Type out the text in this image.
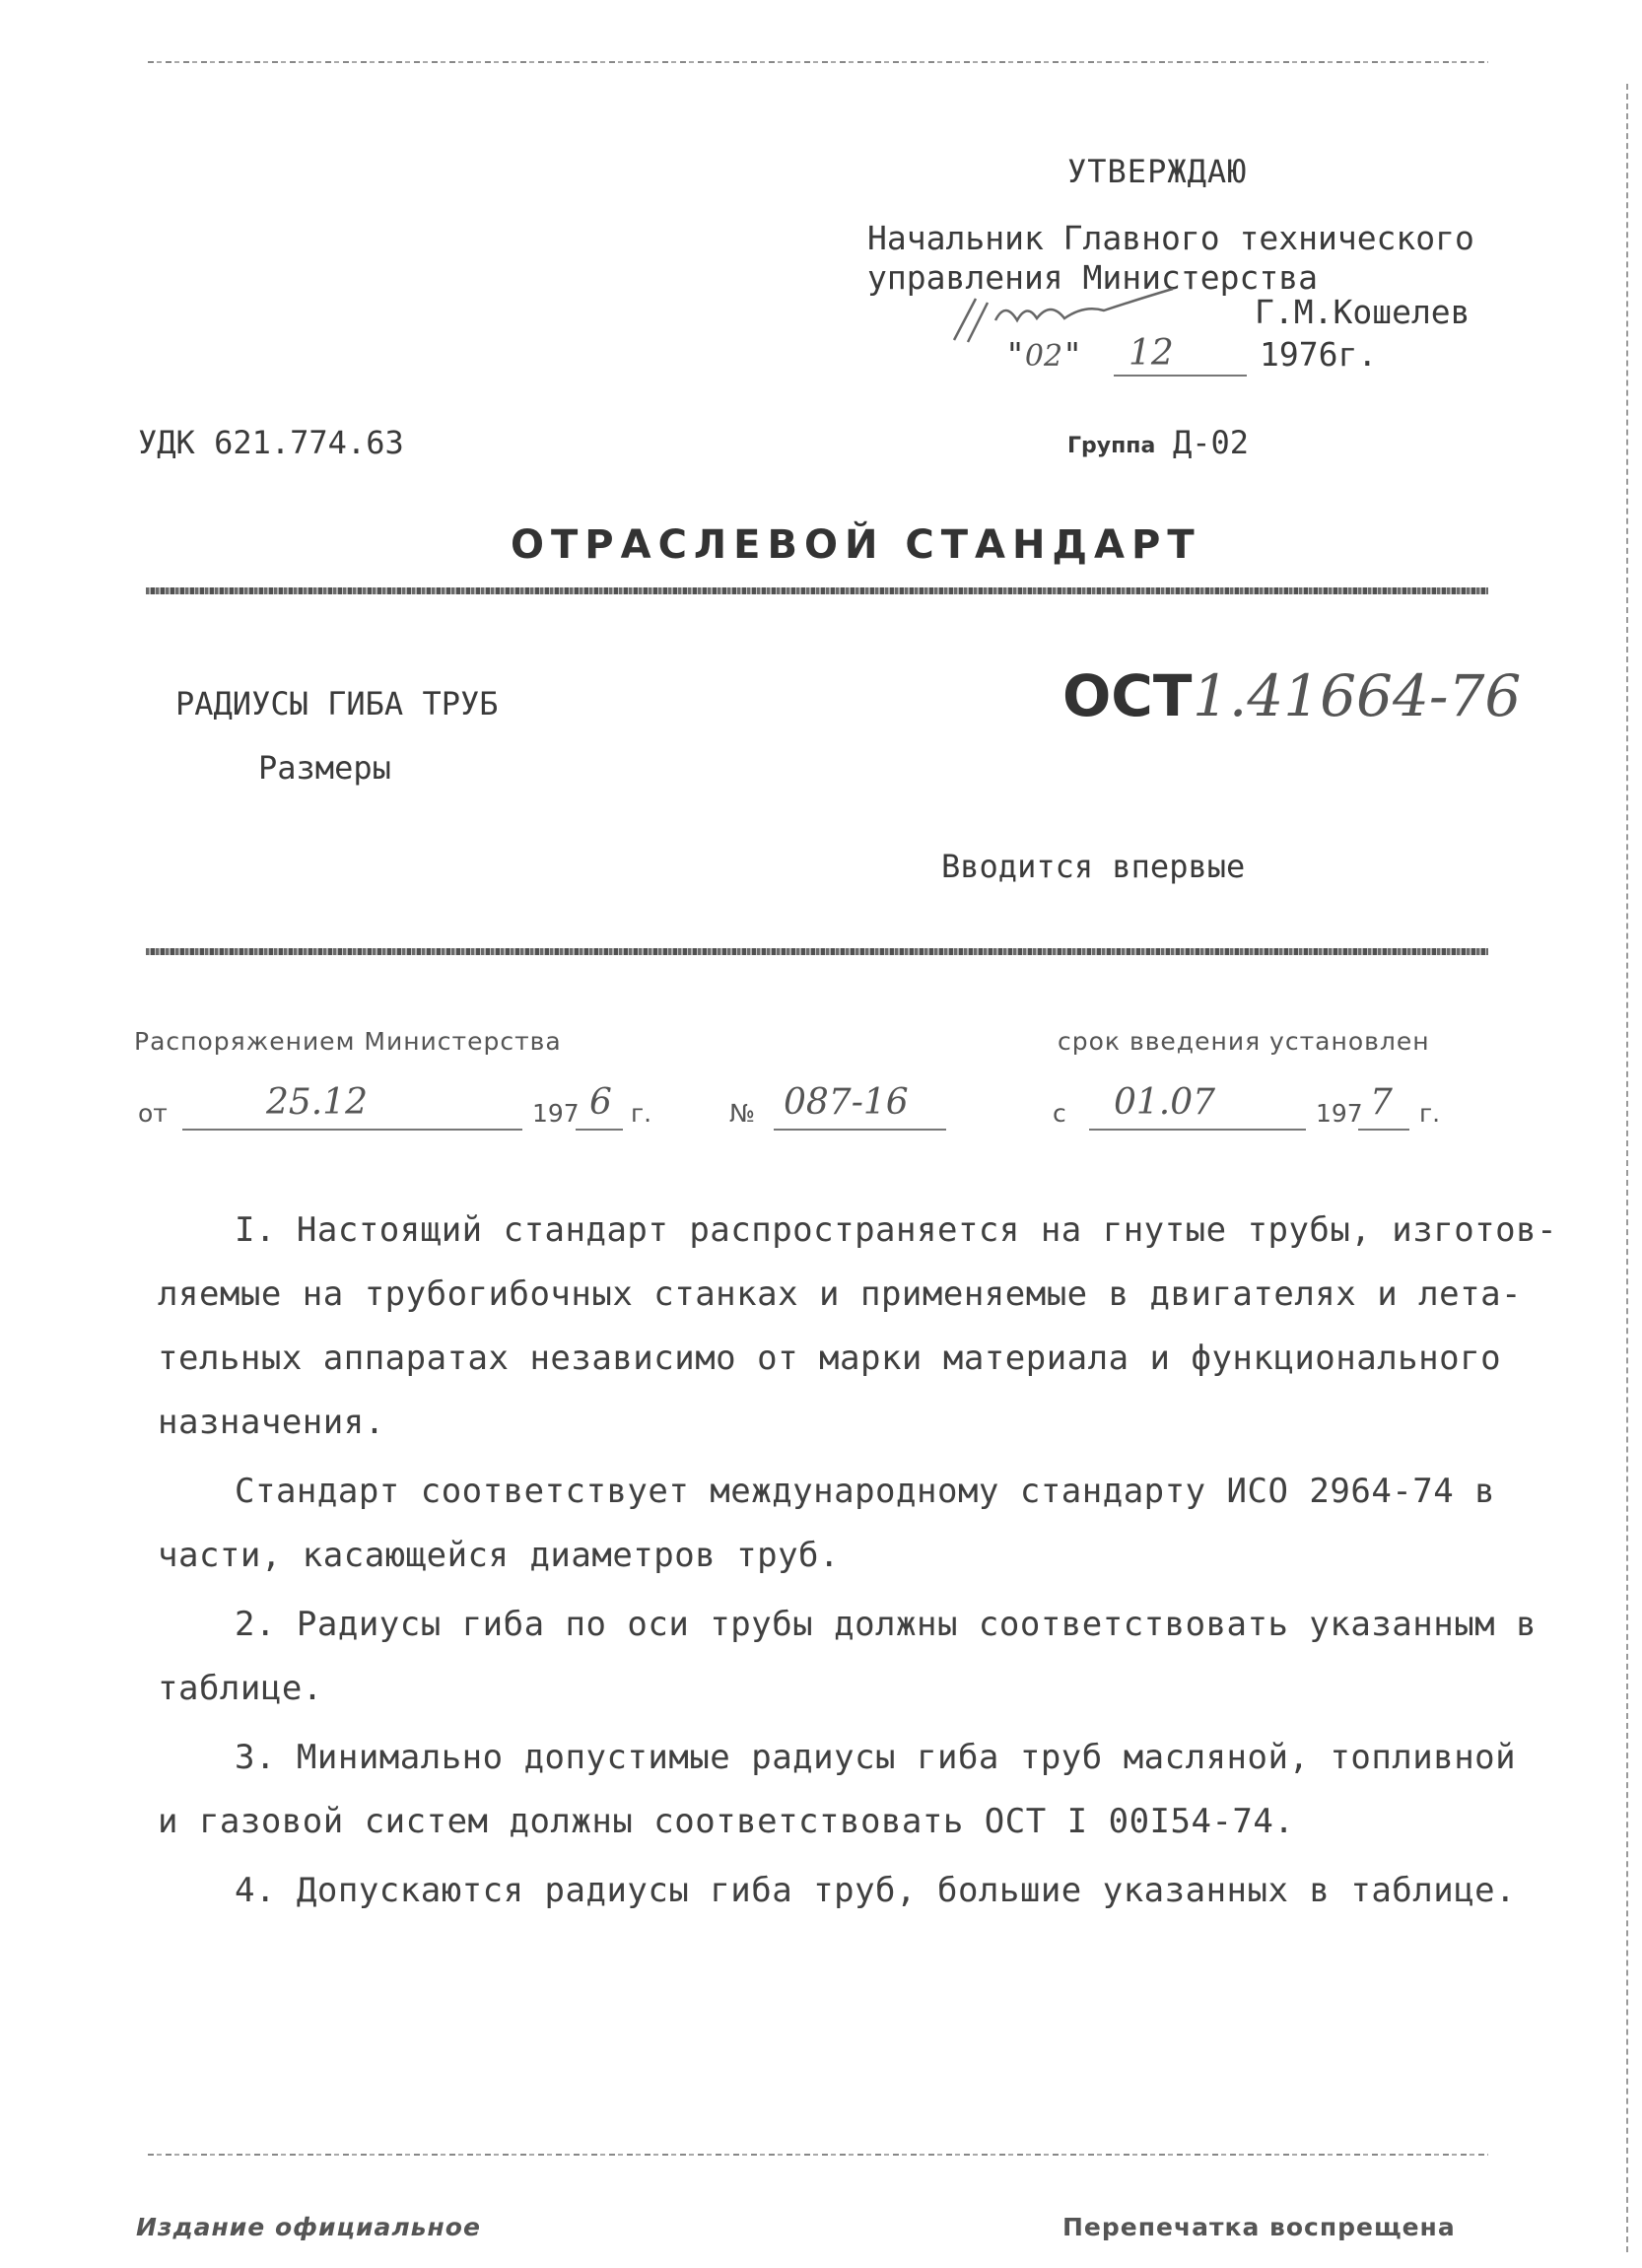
УТВЕРЖДАЮ
Начальник Главного технического
управления Министерства
Г.М.Кошелев
"02" 12	1976г.
УДК 621.774.63	Группа Д-02
ОТРАСЛЕВОЙ СТАНДАРТ
РАДИУСЫ ГИБА ТРУБ
Размеры
ОСТ 1.41664-76
Вводится впервые
Распоряжением Министерства	срок введения установлен
от	25.12	197 6 г.	№ 087-16	с 01.07	197 7 г.
I. Настоящий стандарт распространяется на гнутые трубы, изготов-
ляемые на трубогибочных станках и применяемые в двигателях и лета-
тельных аппаратах независимо от марки материала и функционального
назначения.
Стандарт соответствует международному стандарту ИСО 2964-74 в
части, касающейся диаметров труб.
2. Радиусы гиба по оси трубы должны соответствовать указанным в
таблице.
3. Минимально допустимые радиусы гиба труб масляной, топливной
и газовой систем должны соответствовать ОСТ I 00I54-74.
4. Допускаются радиусы гиба труб, большие указанных в таблице.
Издание официальное	Перепечатка воспрещена
